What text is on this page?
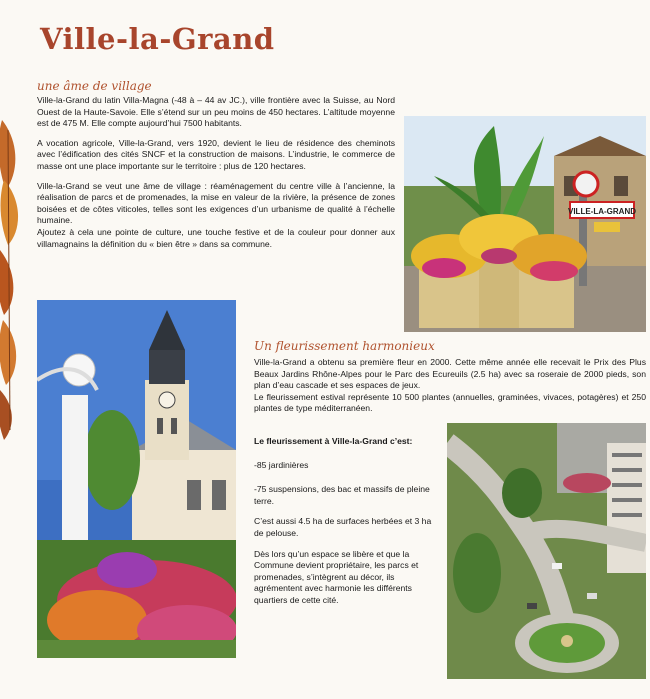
Ville-la-Grand
une âme de village

Ville-la-Grand du latin Villa-Magna (-48 à – 44 av JC.), ville frontière avec la Suisse, au Nord Ouest de la Haute-Savoie. Elle s’étend sur un peu moins de 450 hectares. L’altitude moyenne est de 475 M. Elle compte aujourd’hui 7500 habitants.

A vocation agricole, Ville-la-Grand, vers 1920, devient le lieu de résidence des cheminots avec l’édification des cités SNCF et la construction de maisons. L’industrie, le commerce de masse ont une place importante sur le territoire : plus de 120 hectares.

Ville-la-Grand se veut une âme de village : réaménagement du centre ville à l’ancienne, la réalisation de parcs et de promenades, la mise en valeur de la rivière, la présence de zones boisées et de côtes viticoles, telles sont les exigences d’un urbanisme de qualité à l’échelle humaine.

Ajoutez à cela une pointe de culture, une touche festive et de la couleur pour donner aux villamagnains la définition du « bien être » dans sa commune.

VILLE-LA-GRAND
Un fleurissement harmonieux

Ville-la-Grand a obtenu sa première fleur en 2000. Cette même année elle recevait le Prix des Plus Beaux Jardins Rhône-Alpes pour le Parc des Ecureuils (2.5 ha) avec sa roseraie de 2000 pieds, son plan d’eau cascade et ses espaces de jeux.

Le fleurissement estival représente 10 500 plantes (annuelles, graminées, vivaces, potagères) et 250 plantes de type méditerranéen.

Le fleurissement à Ville-la-Grand c’est:

-85 jardinières

-75 suspensions, des bac et massifs de pleine terre.

C’est aussi 4.5 ha de surfaces herbées et 3 ha de pelouse.

Dès lors qu’un espace se libère et que la Commune devient propriétaire, les parcs et promenades, s’intègrent au décor, ils agrémentent avec harmonie les différents quartiers de cette cité.
